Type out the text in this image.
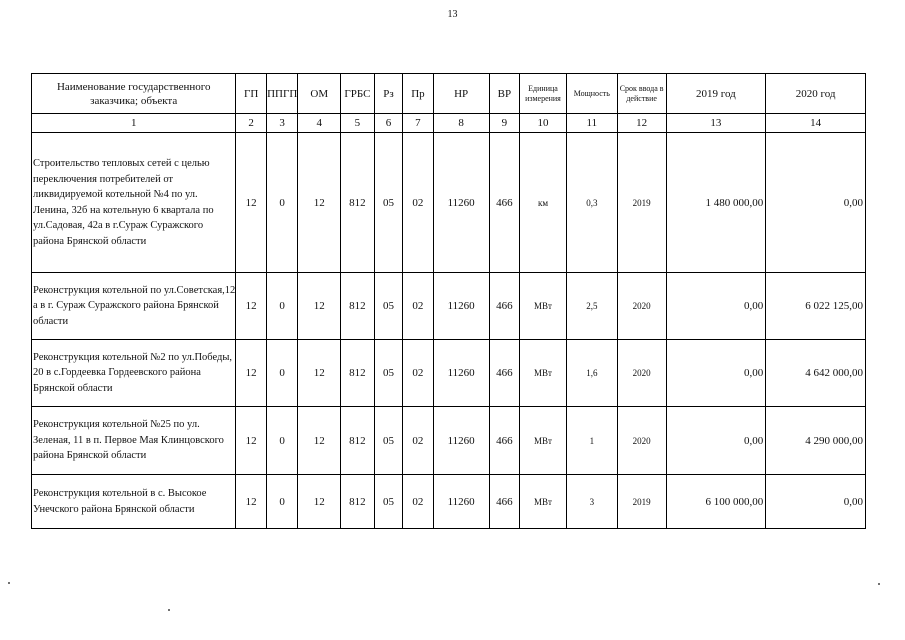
13
Наименование государственного заказчика; объекта	ГП	ППГП	ОМ	ГРБС	Рз	Пр	НР	ВР	Единица измерения	Мощность	Срок ввода в действие	2019 год	2020 год
1	2	3	4	5	6	7	8	9	10	11	12	13	14
Строительство тепловых сетей с целью переключения потребителей от ликвидируемой котельной №4 по ул. Ленина, 32б на котельную 6 квартала по ул.Садовая, 42а в г.Сураж Суражского района Брянской области	12	0	12	812	05	02	11260	466	км	0,3	2019	1 480 000,00	0,00
Реконструкция котельной по ул.Советская,12 а в г. Сураж Суражского района Брянской области	12	0	12	812	05	02	11260	466	МВт	2,5	2020	0,00	6 022 125,00
Реконструкция котельной №2 по ул.Победы, 20 в с.Гордеевка Гордеевского района Брянской области	12	0	12	812	05	02	11260	466	МВт	1,6	2020	0,00	4 642 000,00
Реконструкция котельной №25 по ул. Зеленая, 11 в п. Первое Мая Клинцовского района Брянской области	12	0	12	812	05	02	11260	466	МВт	1	2020	0,00	4 290 000,00
Реконструкция котельной в с. Высокое Унечского района Брянской области	12	0	12	812	05	02	11260	466	МВт	3	2019	6 100 000,00	0,00
